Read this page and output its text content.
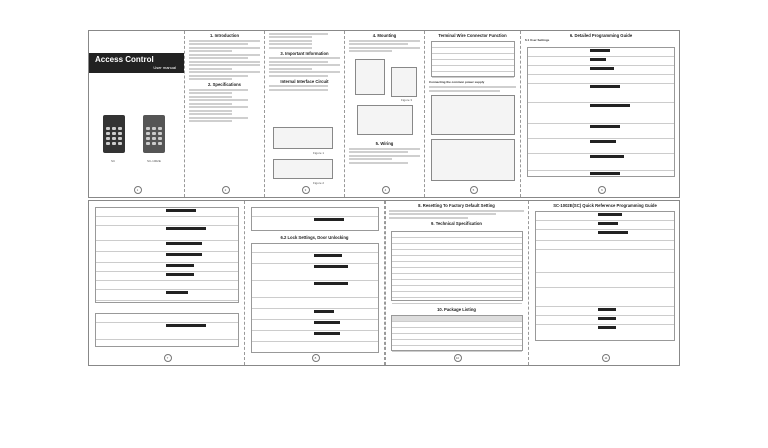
Access Control
User manual
SC	SC-1002E
1
1. Introduction
2. Specifications
2
3. Important Information
Internal Interface Circuit
Figure 1
Figure 2
3
4. Mounting
Figure 3
5. Wiring
4
Terminal Wire Connector Function
Connecting the common power supply
5
6. Detailed Programming Guide
6.1 User Settings
6
7
6.2 Lock Settings, Door Unlocking
8
8. Resetting To Factory Default Setting
9. Technical Specification
10. Package Listing
10
SC-1002E(SC) Quick Reference Programming Guide
11
